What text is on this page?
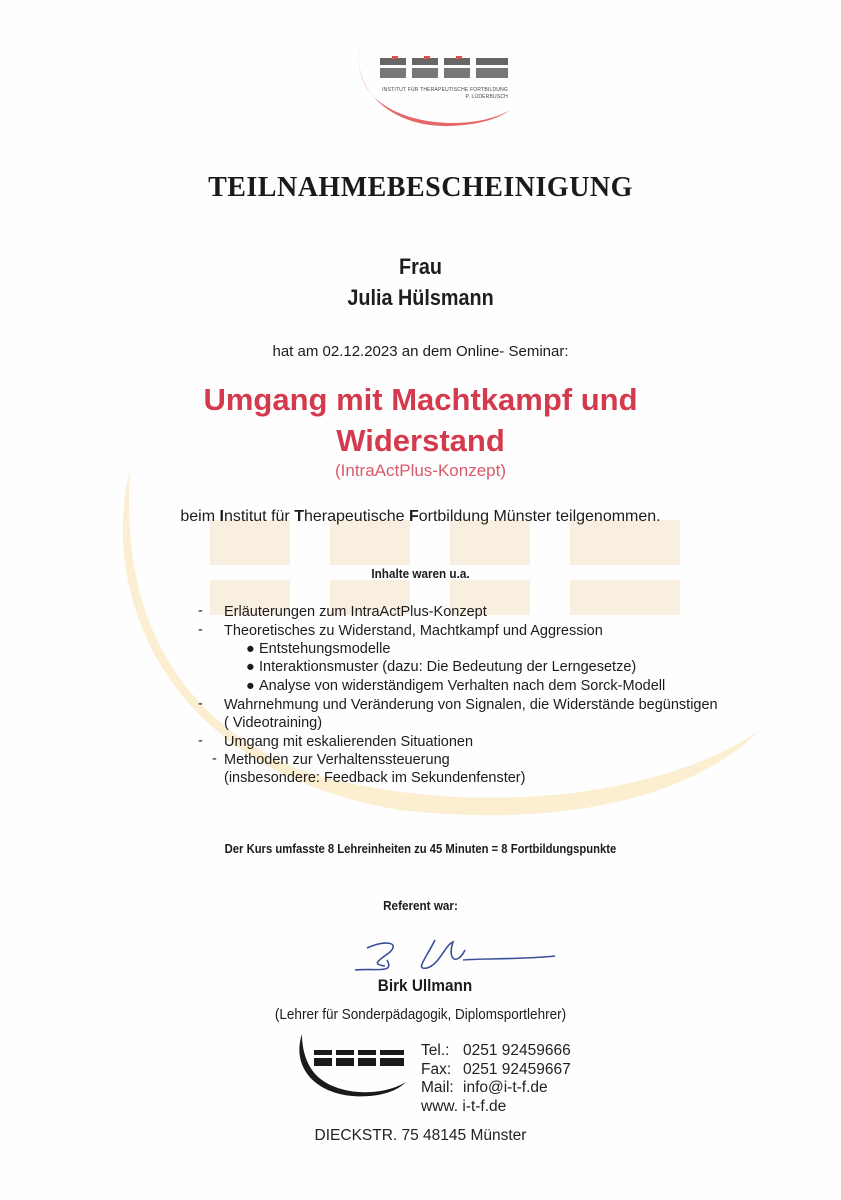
INSTITUT FÜR THERAPEUTISCHE FORTBILDUNG
P. LÜDERBUSCH
TEILNAHMEBESCHEINIGUNG
Frau
Julia Hülsmann
hat am 02.12.2023 an dem Online- Seminar:
Umgang mit Machtkampf und
Widerstand
(IntraActPlus-Konzept)
beim Institut für Therapeutische Fortbildung Münster teilgenommen.
Inhalte waren u.a.
- Erläuterungen zum IntraActPlus-Konzept
- Theoretisches zu Widerstand, Machtkampf und Aggression
● Entstehungsmodelle
● Interaktionsmuster (dazu: Die Bedeutung der Lerngesetze)
● Analyse von widerständigem Verhalten nach dem Sorck-Modell
- Wahrnehmung und Veränderung von Signalen, die Widerstände begünstigen
( Videotraining)
- Umgang mit eskalierenden Situationen
- Methoden zur Verhaltenssteuerung
(insbesondere: Feedback im Sekundenfenster)
Der Kurs umfasste 8 Lehreinheiten zu 45 Minuten = 8 Fortbildungspunkte
Referent war:
Birk Ullmann
(Lehrer für Sonderpädagogik, Diplomsportlehrer)
Tel.: 0251 92459666
Fax: 0251 92459667
Mail: info@i-t-f.de
www. i-t-f.de
DIECKSTR. 75 48145 Münster
